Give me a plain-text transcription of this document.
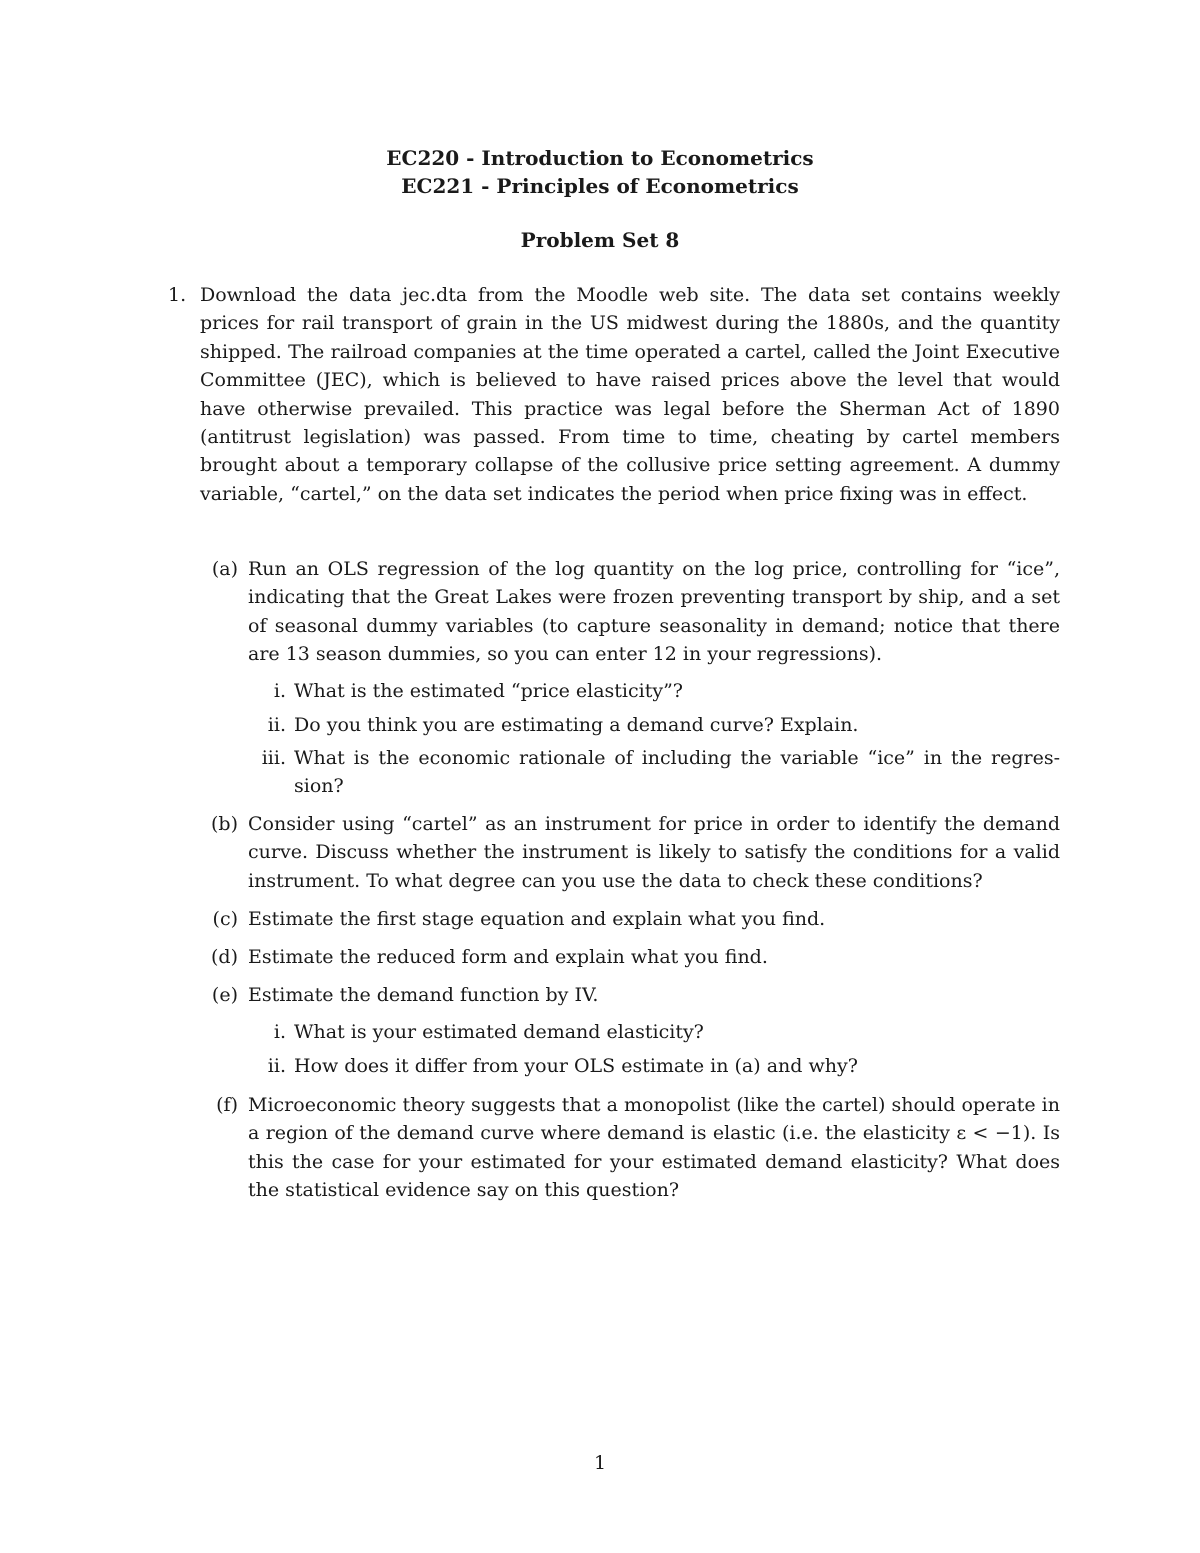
EC220 - Introduction to Econometrics
EC221 - Principles of Econometrics
Problem Set 8
1. Download the data jec.dta from the Moodle web site. The data set contains weekly prices for rail transport of grain in the US midwest during the 1880s, and the quantity shipped. The railroad companies at the time operated a cartel, called the Joint Executive Committee (JEC), which is believed to have raised prices above the level that would have otherwise prevailed. This practice was legal before the Sherman Act of 1890 (antitrust legislation) was passed. From time to time, cheating by cartel members brought about a temporary collapse of the collusive price setting agreement. A dummy variable, “cartel,” on the data set indicates the period when price fixing was in effect.
(a) Run an OLS regression of the log quantity on the log price, controlling for “ice”, indicating that the Great Lakes were frozen preventing transport by ship, and a set of seasonal dummy variables (to capture seasonality in demand; notice that there are 13 season dummies, so you can enter 12 in your regressions).
i. What is the estimated “price elasticity”?
ii. Do you think you are estimating a demand curve? Explain.
iii. What is the economic rationale of including the variable “ice” in the regres- sion?
(b) Consider using “cartel” as an instrument for price in order to identify the demand curve. Discuss whether the instrument is likely to satisfy the conditions for a valid instrument. To what degree can you use the data to check these conditions?
(c) Estimate the first stage equation and explain what you find.
(d) Estimate the reduced form and explain what you find.
(e) Estimate the demand function by IV.
i. What is your estimated demand elasticity?
ii. How does it differ from your OLS estimate in (a) and why?
(f) Microeconomic theory suggests that a monopolist (like the cartel) should operate in a region of the demand curve where demand is elastic (i.e. the elasticity ε < −1). Is this the case for your estimated for your estimated demand elasticity? What does the statistical evidence say on this question?
1
